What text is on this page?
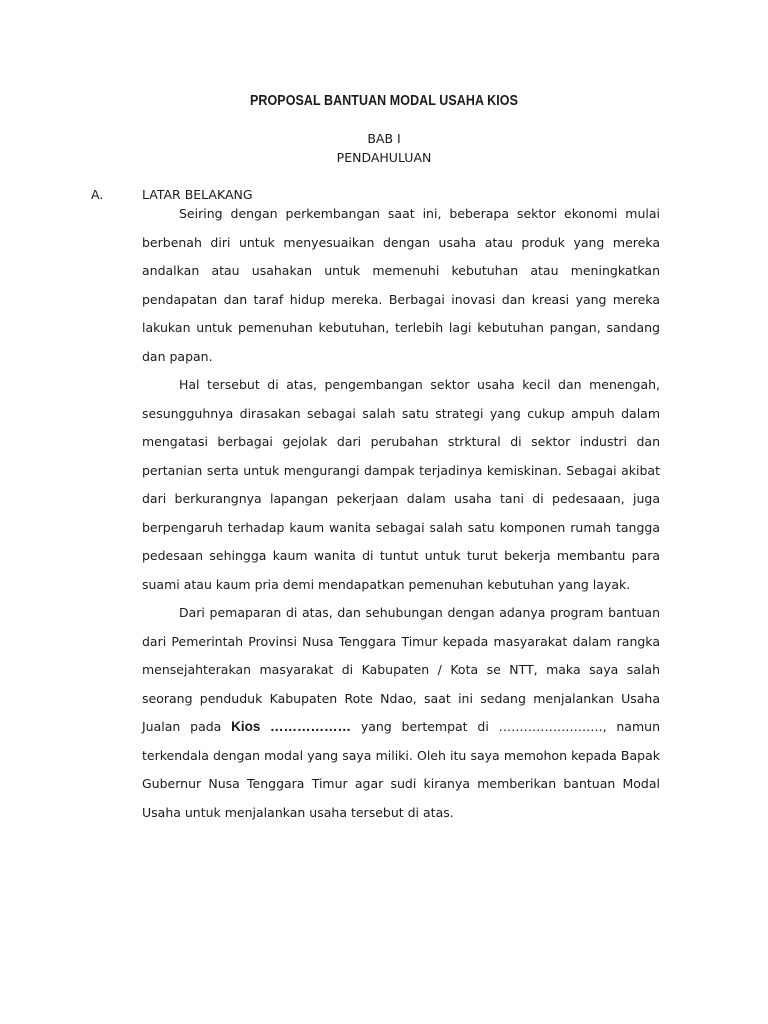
PROPOSAL BANTUAN MODAL USAHA KIOS
BAB I
PENDAHULUAN
A.	LATAR BELAKANG

Seiring dengan perkembangan saat ini, beberapa sektor ekonomi mulai berbenah diri untuk menyesuaikan dengan usaha atau produk yang mereka andalkan atau usahakan untuk memenuhi kebutuhan atau meningkatkan pendapatan dan taraf hidup mereka. Berbagai inovasi dan kreasi yang mereka lakukan untuk pemenuhan kebutuhan, terlebih lagi kebutuhan pangan, sandang dan papan.

Hal tersebut di atas, pengembangan sektor usaha kecil dan menengah, sesungguhnya dirasakan sebagai salah satu strategi yang cukup ampuh dalam mengatasi berbagai gejolak dari perubahan strktural di sektor industri dan pertanian serta untuk mengurangi dampak terjadinya kemiskinan. Sebagai akibat dari berkurangnya lapangan pekerjaan dalam usaha tani di pedesaaan, juga berpengaruh terhadap kaum wanita sebagai salah satu komponen rumah tangga pedesaan sehingga kaum wanita di tuntut untuk turut bekerja membantu para suami atau kaum pria demi mendapatkan pemenuhan kebutuhan yang layak.

Dari pemaparan di atas, dan sehubungan dengan adanya program bantuan dari Pemerintah Provinsi Nusa Tenggara Timur kepada masyarakat dalam rangka mensejahterakan masyarakat di Kabupaten / Kota se NTT, maka saya salah seorang penduduk Kabupaten Rote Ndao, saat ini sedang menjalankan Usaha Jualan pada Kios ……………… yang bertempat di ……………………., namun terkendala dengan modal yang saya miliki. Oleh itu saya memohon kepada Bapak Gubernur Nusa Tenggara Timur agar sudi kiranya memberikan bantuan Modal Usaha untuk menjalankan usaha tersebut di atas.
